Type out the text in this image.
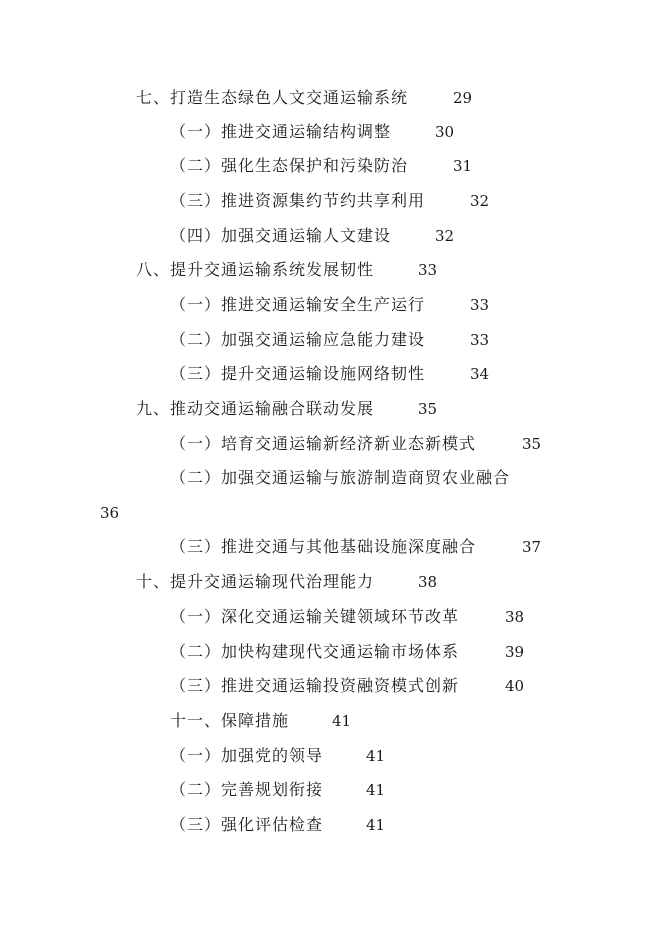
七、打造生态绿色人文交通运输系统	29
（一）推进交通运输结构调整	30
（二）强化生态保护和污染防治	31
（三）推进资源集约节约共享利用	32
（四）加强交通运输人文建设	32
八、提升交通运输系统发展韧性	33
（一）推进交通运输安全生产运行	33
（二）加强交通运输应急能力建设	33
（三）提升交通运输设施网络韧性	34
九、推动交通运输融合联动发展	35
（一）培育交通运输新经济新业态新模式	35
（二）加强交通运输与旅游制造商贸农业融合
36
（三）推进交通与其他基础设施深度融合	37
十、提升交通运输现代治理能力	38
（一）深化交通运输关键领域环节改革	38
（二）加快构建现代交通运输市场体系	39
（三）推进交通运输投资融资模式创新	40
十一、保障措施	41
（一）加强党的领导	41
（二）完善规划衔接	41
（三）强化评估检查	41
